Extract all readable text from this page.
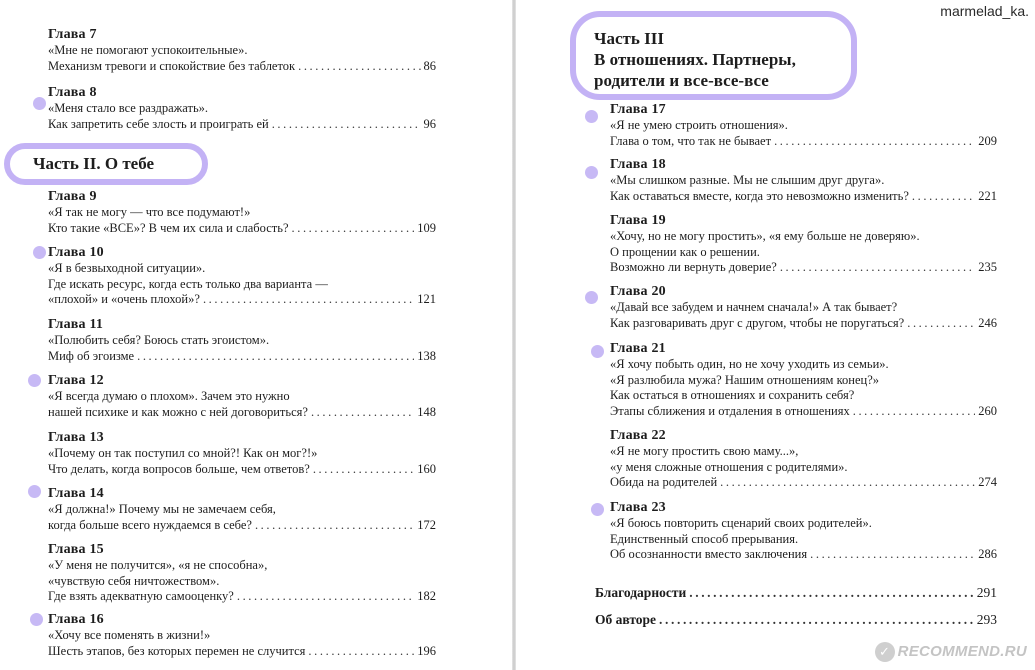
Глава 7
«Мне не помогают успокоительные».
Механизм тревоги и спокойствие без таблеток .....	86
Глава 8
«Меня стало все раздражать».
Как запретить себе злость и проиграть ей .....	96
Часть II. О тебе
Глава 9
«Я так не могу — что все подумают!»
Кто такие «ВСЕ»? В чем их сила и слабость? .....	109
Глава 10
«Я в безвыходной ситуации».
Где искать ресурс, когда есть только два варианта —
«плохой» и «очень плохой»? .....	121
Глава 11
«Полюбить себя? Боюсь стать эгоистом».
Миф об эгоизме .....	138
Глава 12
«Я всегда думаю о плохом». Зачем это нужно
нашей психике и как можно с ней договориться? .....	148
Глава 13
«Почему он так поступил со мной?! Как он мог?!»
Что делать, когда вопросов больше, чем ответов? .....	160
Глава 14
«Я должна!» Почему мы не замечаем себя,
когда больше всего нуждаемся в себе? .....	172
Глава 15
«У меня не получится», «я не способна»,
«чувствую себя ничтожеством».
Где взять адекватную самооценку? .....	182
Глава 16
«Хочу все поменять в жизни!»
Шесть этапов, без которых перемен не случится .....	196
marmelad_ka.
Часть III
В отношениях. Партнеры,
родители и все-все-все
Глава 17
«Я не умею строить отношения».
Глава о том, что так не бывает .....	209
Глава 18
«Мы слишком разные. Мы не слышим друг друга».
Как оставаться вместе, когда это невозможно изменить? .....	221
Глава 19
«Хочу, но не могу простить», «я ему больше не доверяю».
О прощении как о решении.
Возможно ли вернуть доверие? .....	235
Глава 20
«Давай все забудем и начнем сначала!» А так бывает?
Как разговаривать друг с другом, чтобы не поругаться? .....	246
Глава 21
«Я хочу побыть один, но не хочу уходить из семьи».
«Я разлюбила мужа? Нашим отношениям конец?»
Как остаться в отношениях и сохранить себя?
Этапы сближения и отдаления в отношениях .....	260
Глава 22
«Я не могу простить свою маму...»,
«у меня сложные отношения с родителями».
Обида на родителей .....	274
Глава 23
«Я боюсь повторить сценарий своих родителей».
Единственный способ прерывания.
Об осознанности вместо заключения .....	286
Благодарности .....	291
Об авторе .....	293
✓ RECOMMEND.RU
